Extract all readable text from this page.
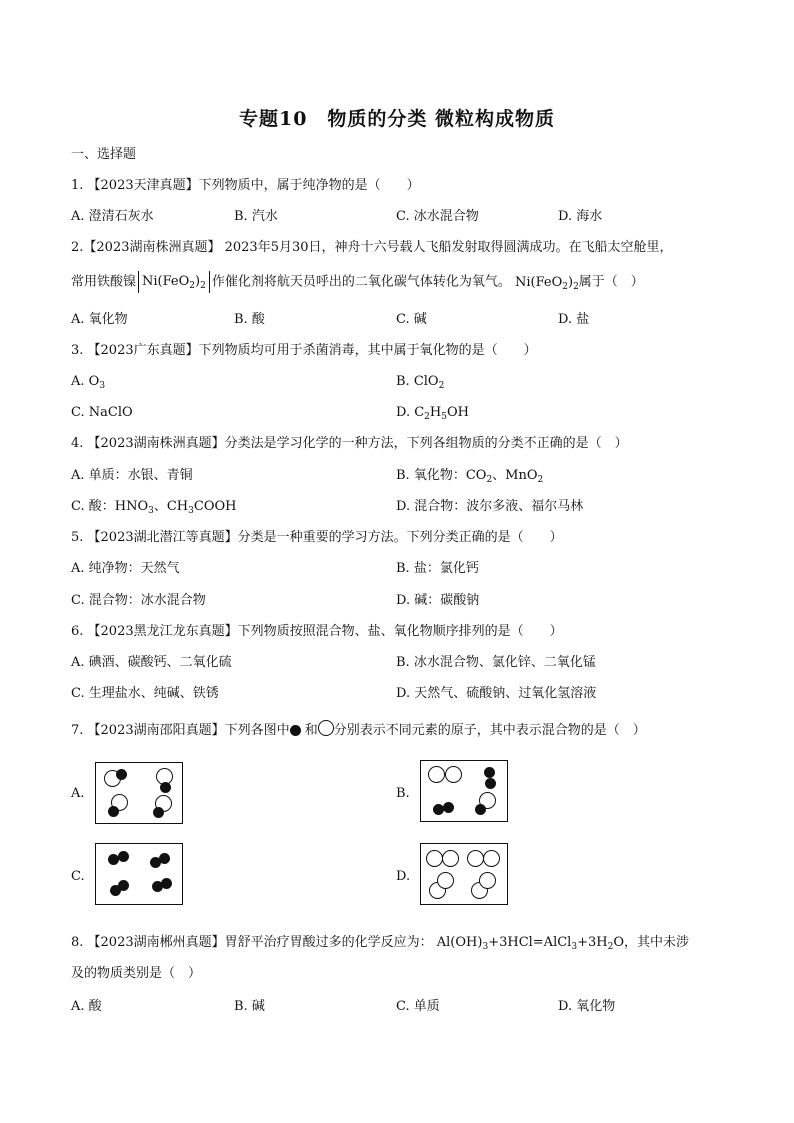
专题10　物质的分类 微粒构成物质
一、选择题
1. 【2023天津真题】下列物质中，属于纯净物的是（　　）
A. 澄清石灰水	B. 汽水	C. 冰水混合物	D. 海水
2.【2023湖南株洲真题】 2023年5月30日，神舟十六号载人飞船发射取得圆满成功。在飞船太空舱里，
常用铁酸镍 $Ni(FeO_2)_2$ 作催化剂将航天员呼出的二氧化碳气体转化为氧气。 $Ni(FeO_2)_2$属于（　）
A. 氧化物	B. 酸	C. 碱	D. 盐
3. 【2023广东真题】下列物质均可用于杀菌消毒，其中属于氧化物的是（　　）
A. $O_3$	B. ClO$_2$
C. NaClO	D. $C_2H_5OH$
4. 【2023湖南株洲真题】分类法是学习化学的一种方法，下列各组物质的分类不正确的是（　）
A. 单质：水银、青铜	B. 氧化物：$CO_2$、MnO$_2$
C. 酸：$HNO_3$、$CH_3COOH$	D. 混合物：波尔多液、福尔马林
5. 【2023湖北潜江等真题】分类是一种重要的学习方法。下列分类正确的是（　　）
A. 纯净物：天然气	B. 盐：氯化钙
C. 混合物：冰水混合物	D. 碱：碳酸钠
6. 【2023黑龙江龙东真题】下列物质按照混合物、盐、氧化物顺序排列的是（　　）
A. 碘酒、碳酸钙、二氧化硫	B. 冰水混合物、氯化锌、二氧化锰
C. 生理盐水、纯碱、铁锈	D. 天然气、硫酸钠、过氧化氢溶液
7. 【2023湖南邵阳真题】下列各图中 和 分别表示不同元素的原子，其中表示混合物的是（　）
A.	B.
C.	D.
8. 【2023湖南郴州真题】胃舒平治疗胃酸过多的化学反应为： $Al(OH)_3+3HCl=AlCl_3+3H_2O$，其中未涉
及的物质类别是（　）
A. 酸	B. 碱	C. 单质	D. 氧化物
